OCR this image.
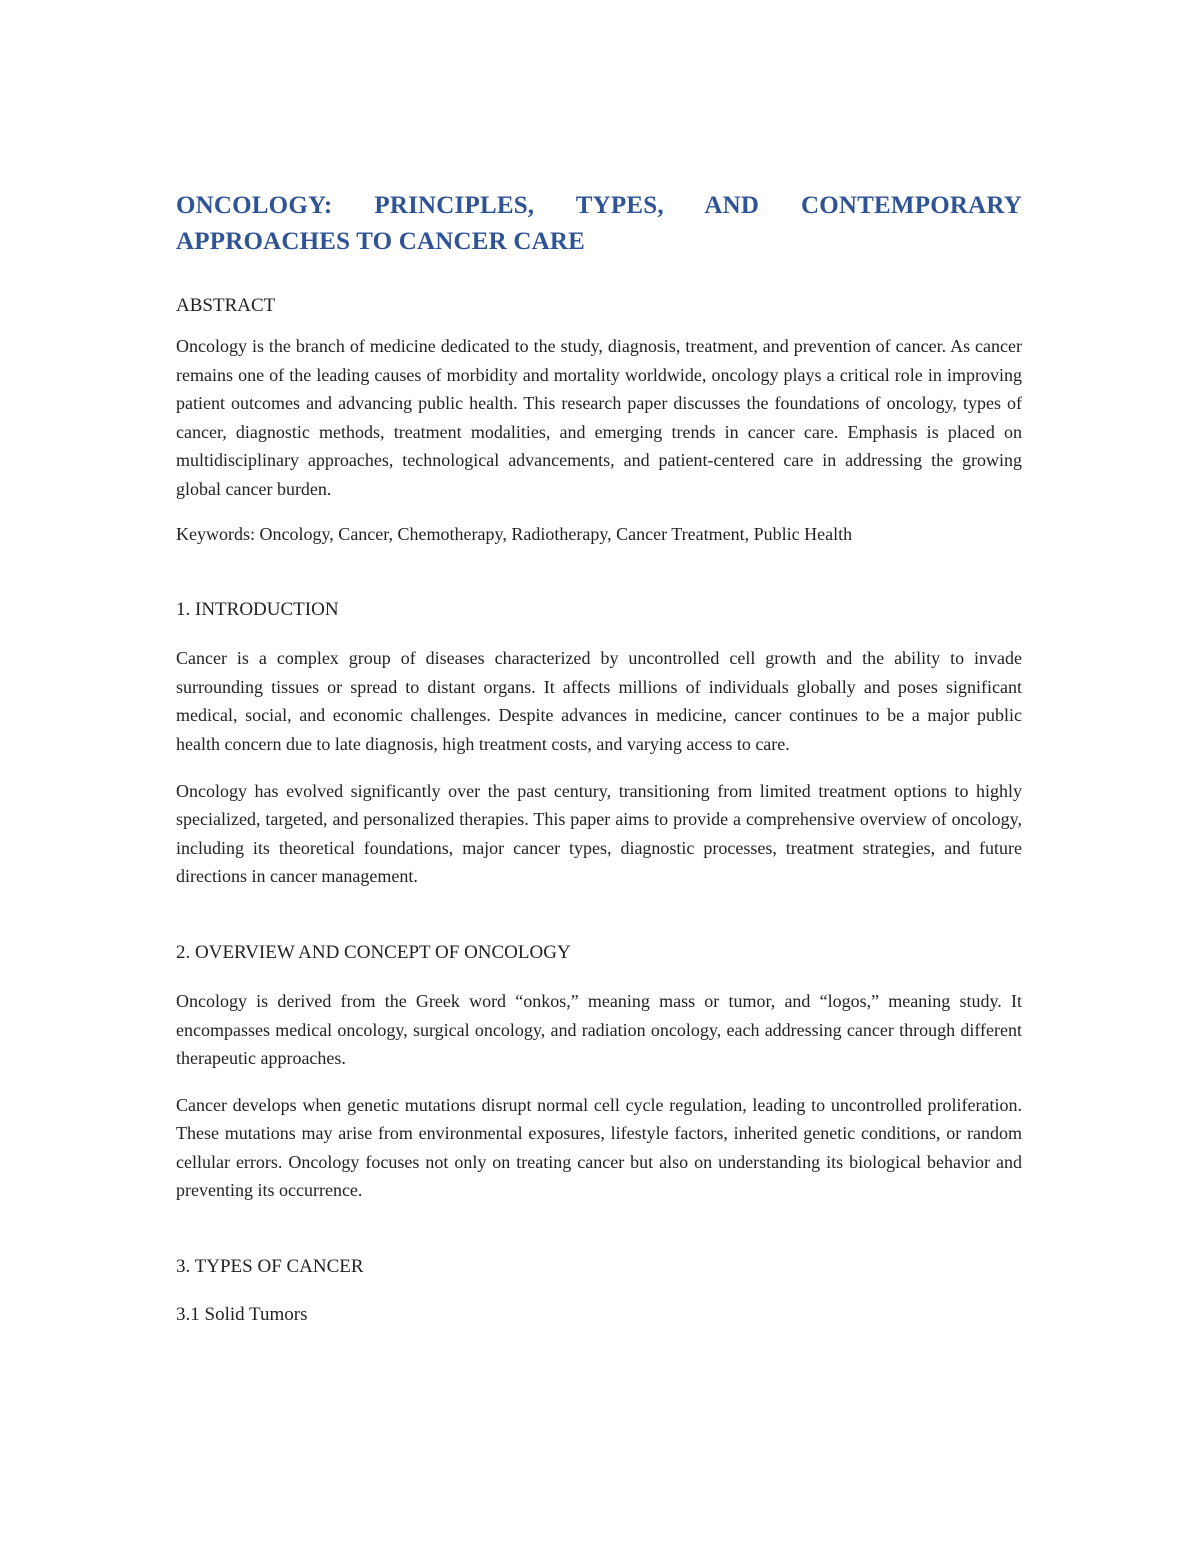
ONCOLOGY: PRINCIPLES, TYPES, AND CONTEMPORARY APPROACHES TO CANCER CARE
ABSTRACT

Oncology is the branch of medicine dedicated to the study, diagnosis, treatment, and prevention of cancer. As cancer remains one of the leading causes of morbidity and mortality worldwide, oncology plays a critical role in improving patient outcomes and advancing public health. This research paper discusses the foundations of oncology, types of cancer, diagnostic methods, treatment modalities, and emerging trends in cancer care. Emphasis is placed on multidisciplinary approaches, technological advancements, and patient-centered care in addressing the growing global cancer burden.

Keywords: Oncology, Cancer, Chemotherapy, Radiotherapy, Cancer Treatment, Public Health

1. INTRODUCTION

Cancer is a complex group of diseases characterized by uncontrolled cell growth and the ability to invade surrounding tissues or spread to distant organs. It affects millions of individuals globally and poses significant medical, social, and economic challenges. Despite advances in medicine, cancer continues to be a major public health concern due to late diagnosis, high treatment costs, and varying access to care.

Oncology has evolved significantly over the past century, transitioning from limited treatment options to highly specialized, targeted, and personalized therapies. This paper aims to provide a comprehensive overview of oncology, including its theoretical foundations, major cancer types, diagnostic processes, treatment strategies, and future directions in cancer management.

2. OVERVIEW AND CONCEPT OF ONCOLOGY

Oncology is derived from the Greek word “onkos,” meaning mass or tumor, and “logos,” meaning study. It encompasses medical oncology, surgical oncology, and radiation oncology, each addressing cancer through different therapeutic approaches.

Cancer develops when genetic mutations disrupt normal cell cycle regulation, leading to uncontrolled proliferation. These mutations may arise from environmental exposures, lifestyle factors, inherited genetic conditions, or random cellular errors. Oncology focuses not only on treating cancer but also on understanding its biological behavior and preventing its occurrence.

3. TYPES OF CANCER
3.1 Solid Tumors
